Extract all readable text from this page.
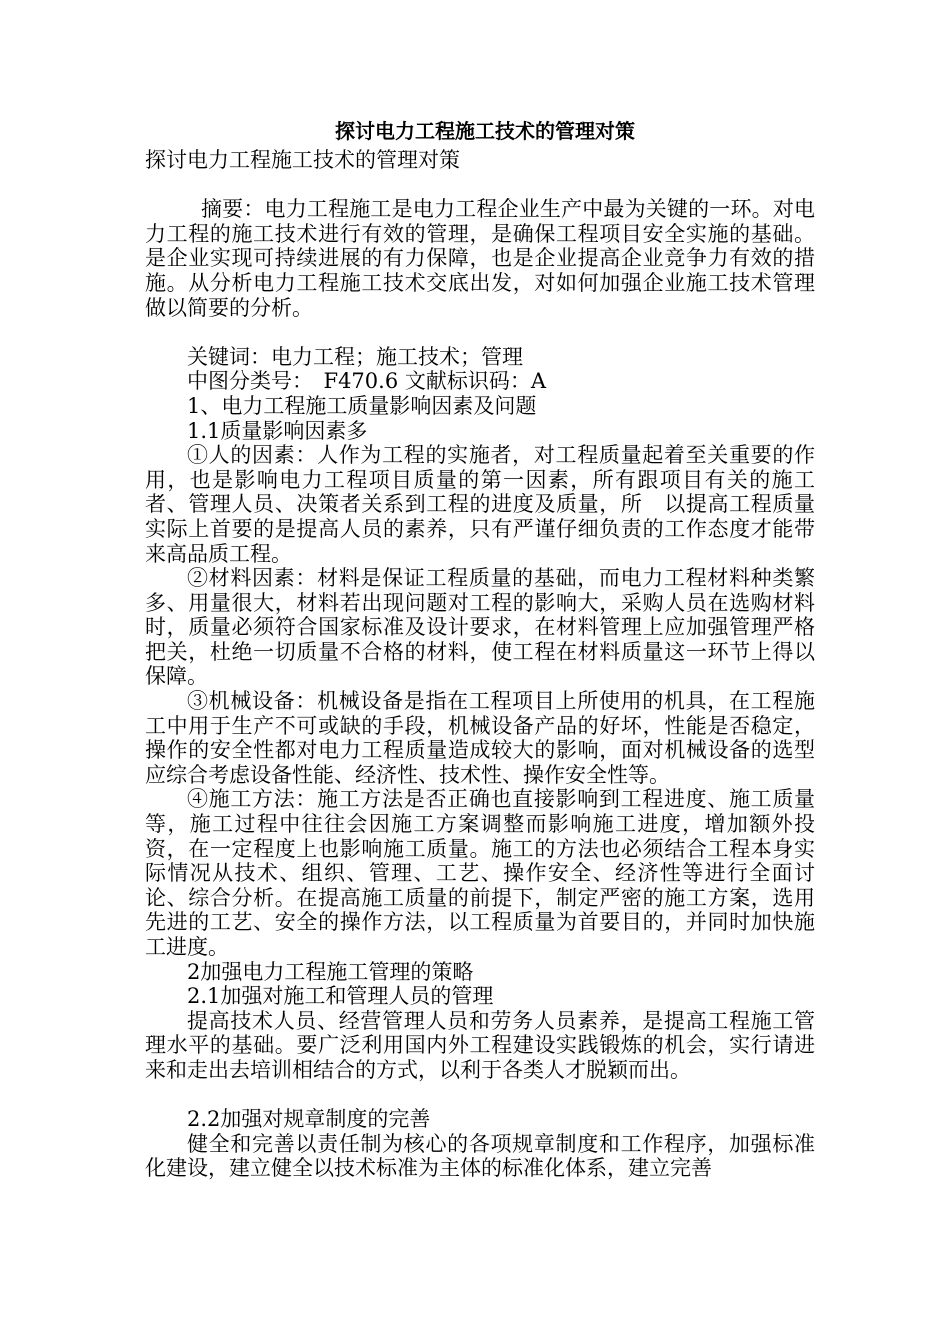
探讨电力工程施工技术的管理对策

探讨电力工程施工技术的管理对策

摘要：电力工程施工是电力工程企业生产中最为关键的一环。对电力工程的施工技术进行有效的管理，是确保工程项目安全实施的基础。是企业实现可持续进展的有力保障，也是企业提高企业竞争力有效的措施。从分析电力工程施工技术交底出发，对如何加强企业施工技术管理做以简要的分析。

关键词：电力工程；施工技术；管理

中图分类号：　F470.6 文献标识码：A

1、电力工程施工质量影响因素及问题

1.1质量影响因素多

①人的因素：人作为工程的实施者，对工程质量起着至关重要的作用，也是影响电力工程项目质量的第一因素，所有跟项目有关的施工者、管理人员、决策者关系到工程的进度及质量，所　以提高工程质量实际上首要的是提高人员的素养，只有严谨仔细负责的工作态度才能带来高品质工程。

②材料因素：材料是保证工程质量的基础，而电力工程材料种类繁多、用量很大，材料若出现问题对工程的影响大，采购人员在选购材料时，质量必须符合国家标准及设计要求，在材料管理上应加强管理严格把关，杜绝一切质量不合格的材料，使工程在材料质量这一环节上得以保障。

③机械设备：机械设备是指在工程项目上所使用的机具，在工程施工中用于生产不可或缺的手段，机械设备产品的好坏，性能是否稳定，操作的安全性都对电力工程质量造成较大的影响，面对机械设备的选型应综合考虑设备性能、经济性、技术性、操作安全性等。

④施工方法：施工方法是否正确也直接影响到工程进度、施工质量等，施工过程中往往会因施工方案调整而影响施工进度，增加额外投资，在一定程度上也影响施工质量。施工的方法也必须结合工程本身实际情况从技术、组织、管理、工艺、操作安全、经济性等进行全面讨论、综合分析。在提高施工质量的前提下，制定严密的施工方案，选用先进的工艺、安全的操作方法，以工程质量为首要目的，并同时加快施工进度。

2加强电力工程施工管理的策略

2.1加强对施工和管理人员的管理

提高技术人员、经营管理人员和劳务人员素养，是提高工程施工管理水平的基础。要广泛利用国内外工程建设实践锻炼的机会，实行请进来和走出去培训相结合的方式，以利于各类人才脱颖而出。

2.2加强对规章制度的完善

健全和完善以责任制为核心的各项规章制度和工作程序，加强标准化建设，建立健全以技术标准为主体的标准化体系，建立完善
